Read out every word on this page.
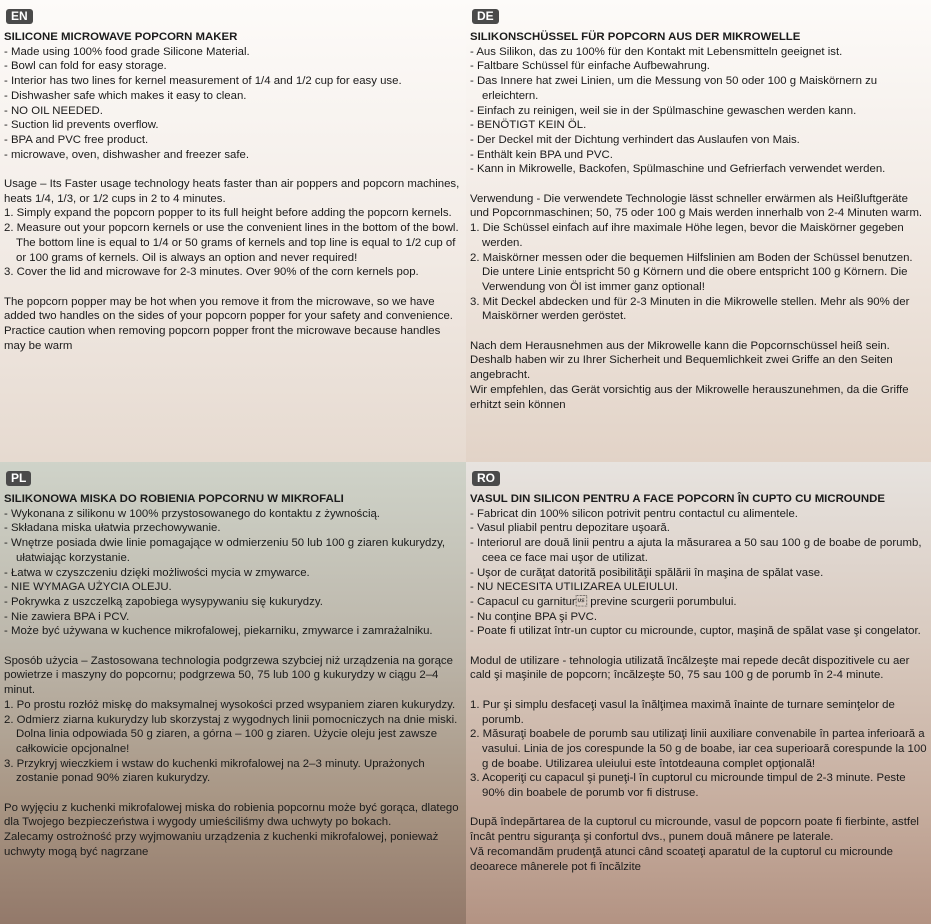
EN
SILICONE MICROWAVE POPCORN MAKER
- Made using 100% food grade Silicone Material.
- Bowl can fold for easy storage.
- Interior has two lines for kernel measurement of 1/4 and 1/2 cup for easy use.
- Dishwasher safe which makes it easy to clean.
- NO OIL NEEDED.
- Suction lid prevents overflow.
- BPA and PVC free product.
- microwave, oven, dishwasher and freezer safe.

Usage – Its Faster usage technology heats faster than air poppers and popcorn machines, heats 1/4, 1/3, or 1/2 cups in 2 to 4 minutes.

1. Simply expand the popcorn popper to its full height before adding the popcorn kernels.
2. Measure out your popcorn kernels or use the convenient lines in the bottom of the bowl. The bottom line is equal to 1/4 or 50 grams of kernels and top line is equal to 1/2 cup of or 100 grams of kernels. Oil is always an option and never required!
3. Cover the lid and microwave for 2-3 minutes. Over 90% of the corn kernels pop.

The popcorn popper may be hot when you remove it from the microwave, so we have added two handles on the sides of your popcorn popper for your safety and convenience.

Practice caution when removing popcorn popper front the microwave because handles may be warm

DE
SILIKONSCHÜSSEL FÜR POPCORN AUS DER MIKROWELLE
- Aus Silikon, das zu 100% für den Kontakt mit Lebensmitteln geeignet ist.
- Faltbare Schüssel für einfache Aufbewahrung.
- Das Innere hat zwei Linien, um die Messung von 50 oder 100 g Maiskörnern zu erleichtern.
- Einfach zu reinigen, weil sie in der Spülmaschine gewaschen werden kann.
- BENÖTIGT KEIN ÖL.
- Der Deckel mit der Dichtung verhindert das Auslaufen von Mais.
- Enthält kein BPA und PVC.
- Kann in Mikrowelle, Backofen, Spülmaschine und Gefrierfach verwendet werden.

Verwendung - Die verwendete Technologie lässt schneller erwärmen als Heißluftgeräte und Popcornmaschinen; 50, 75 oder 100 g Mais werden innerhalb von 2-4 Minuten warm.

1. Die Schüssel einfach auf ihre maximale Höhe legen, bevor die Maiskörner gegeben werden.
2. Maiskörner messen oder die bequemen Hilfslinien am Boden der Schüssel benutzen. Die untere Linie entspricht 50 g Körnern und die obere entspricht 100 g Körnern. Die Verwendung von Öl ist immer ganz optional!
3. Mit Deckel abdecken und für 2-3 Minuten in die Mikrowelle stellen. Mehr als 90% der Maiskörner werden geröstet.

Nach dem Herausnehmen aus der Mikrowelle kann die Popcornschüssel heiß sein. Deshalb haben wir zu Ihrer Sicherheit und Bequemlichkeit zwei Griffe an den Seiten angebracht.

Wir empfehlen, das Gerät vorsichtig aus der Mikrowelle herauszunehmen, da die Griffe erhitzt sein können

PL
SILIKONOWA MISKA DO ROBIENIA POPCORNU W MIKROFALI
- Wykonana z silikonu w 100% przystosowanego do kontaktu z żywnością.
- Składana miska ułatwia przechowywanie.
- Wnętrze posiada dwie linie pomagające w odmierzeniu 50 lub 100 g ziaren kukurydzy, ułatwiając korzystanie.
- Łatwa w czyszczeniu dzięki możliwości mycia w zmywarce.
- NIE WYMAGA UŻYCIA OLEJU.
- Pokrywka z uszczelką zapobiega wysypywaniu się kukurydzy.
- Nie zawiera BPA i PCV.
- Może być używana w kuchence mikrofalowej, piekarniku, zmywarce i zamrażalniku.

Sposób użycia – Zastosowana technologia podgrzewa szybciej niż urządzenia na gorące powietrze i maszyny do popcornu; podgrzewa 50, 75 lub 100 g kukurydzy w ciągu 2–4 minut.

1. Po prostu rozłóż miskę do maksymalnej wysokości przed wsypaniem ziaren kukurydzy.
2. Odmierz ziarna kukurydzy lub skorzystaj z wygodnych linii pomocniczych na dnie miski. Dolna linia odpowiada 50 g ziaren, a górna – 100 g ziaren. Użycie oleju jest zawsze całkowicie opcjonalne!
3. Przykryj wieczkiem i wstaw do kuchenki mikrofalowej na 2–3 minuty. Uprażonych zostanie ponad 90% ziaren kukurydzy.

Po wyjęciu z kuchenki mikrofalowej miska do robienia popcornu może być gorąca, dlatego dla Twojego bezpieczeństwa i wygody umieściliśmy dwa uchwyty po bokach.

Zalecamy ostrożność przy wyjmowaniu urządzenia z kuchenki mikrofalowej, ponieważ uchwyty mogą być nagrzane

RO
VASUL DIN SILICON PENTRU A FACE POPCORN ÎN CUPTO CU MICROUNDE
- Fabricat din 100% silicon potrivit pentru contactul cu alimentele.
- Vasul pliabil pentru depozitare uşoară.
- Interiorul are două linii pentru a ajuta la măsurarea a 50 sau 100 g de boabe de porumb, ceea ce face mai uşor de utilizat.
- Uşor de curăţat datorită posibilităţii spălării în maşina de spălat vase.
- NU NECESITA UTILIZAREA ULEIULUI.
- Capacul cu garnitur previne scurgerii porumbului.
- Nu conţine BPA şi PVC.
- Poate fi utilizat într-un cuptor cu microunde, cuptor, maşină de spălat vase şi congelator.

Modul de utilizare - tehnologia utilizată încălzeşte mai repede decât dispozitivele cu aer cald şi maşinile de popcorn; încălzeşte 50, 75 sau 100 g de porumb în 2-4 minute.

1. Pur şi simplu desfaceţi vasul la înălţimea maximă înainte de turnare seminţelor de porumb.
2. Măsuraţi boabele de porumb sau utilizaţi linii auxiliare convenabile în partea inferioară a vasului. Linia de jos corespunde la 50 g de boabe, iar cea superioară corespunde la 100 g de boabe. Utilizarea uleiului este întotdeauna complet opţională!
3. Acoperiţi cu capacul şi puneţi-l în cuptorul cu microunde timpul de 2-3 minute. Peste 90% din boabele de porumb vor fi distruse.

După îndepărtarea de la cuptorul cu microunde, vasul de popcorn poate fi fierbinte, astfel încât pentru siguranţa şi confortul dvs., punem două mânere pe laterale.

Vă recomandăm prudenţă atunci când scoateţi aparatul de la cuptorul cu microunde deoarece mânerele pot fi încălzite
